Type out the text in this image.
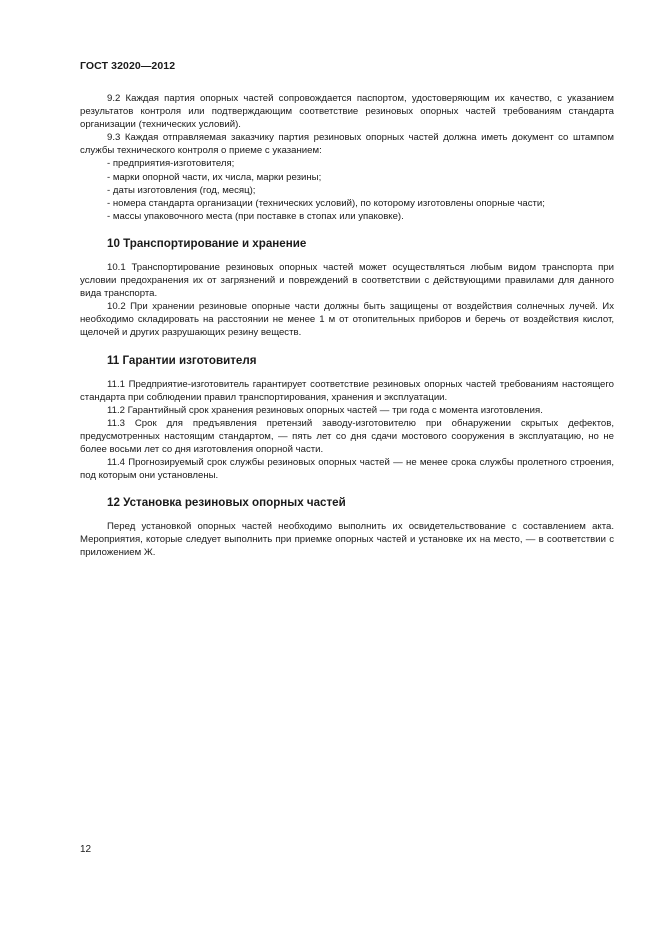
ГОСТ 32020—2012

9.2 Каждая партия опорных частей сопровождается паспортом, удостоверяющим их качество, с указанием результатов контроля или подтверждающим соответствие резиновых опорных частей требованиям стандарта организации (технических условий).

9.3 Каждая отправляемая заказчику партия резиновых опорных частей должна иметь документ со штампом службы технического контроля о приеме с указанием:

- предприятия-изготовителя;

- марки опорной части, их числа, марки резины;

- даты изготовления (год, месяц);

- номера стандарта организации (технических условий), по которому изготовлены опорные части;

- массы упаковочного места (при поставке в стопах или упаковке).

10 Транспортирование и хранение

10.1 Транспортирование резиновых опорных частей может осуществляться любым видом транспорта при условии предохранения их от загрязнений и повреждений в соответствии с действующими правилами для данного вида транспорта.

10.2 При хранении резиновые опорные части должны быть защищены от воздействия солнечных лучей. Их необходимо складировать на расстоянии не менее 1 м от отопительных приборов и беречь от воздействия кислот, щелочей и других разрушающих резину веществ.

11 Гарантии изготовителя

11.1 Предприятие-изготовитель гарантирует соответствие резиновых опорных частей требованиям настоящего стандарта при соблюдении правил транспортирования, хранения и эксплуатации.

11.2 Гарантийный срок хранения резиновых опорных частей — три года с момента изготовления.

11.3 Срок для предъявления претензий заводу-изготовителю при обнаружении скрытых дефектов, предусмотренных настоящим стандартом, — пять лет со дня сдачи мостового сооружения в эксплуатацию, но не более восьми лет со дня изготовления опорной части.

11.4 Прогнозируемый срок службы резиновых опорных частей — не менее срока службы пролетного строения, под которым они установлены.

12 Установка резиновых опорных частей

Перед установкой опорных частей необходимо выполнить их освидетельствование с составлением акта. Мероприятия, которые следует выполнить при приемке опорных частей и установке их на место, — в соответствии с приложением Ж.

12
